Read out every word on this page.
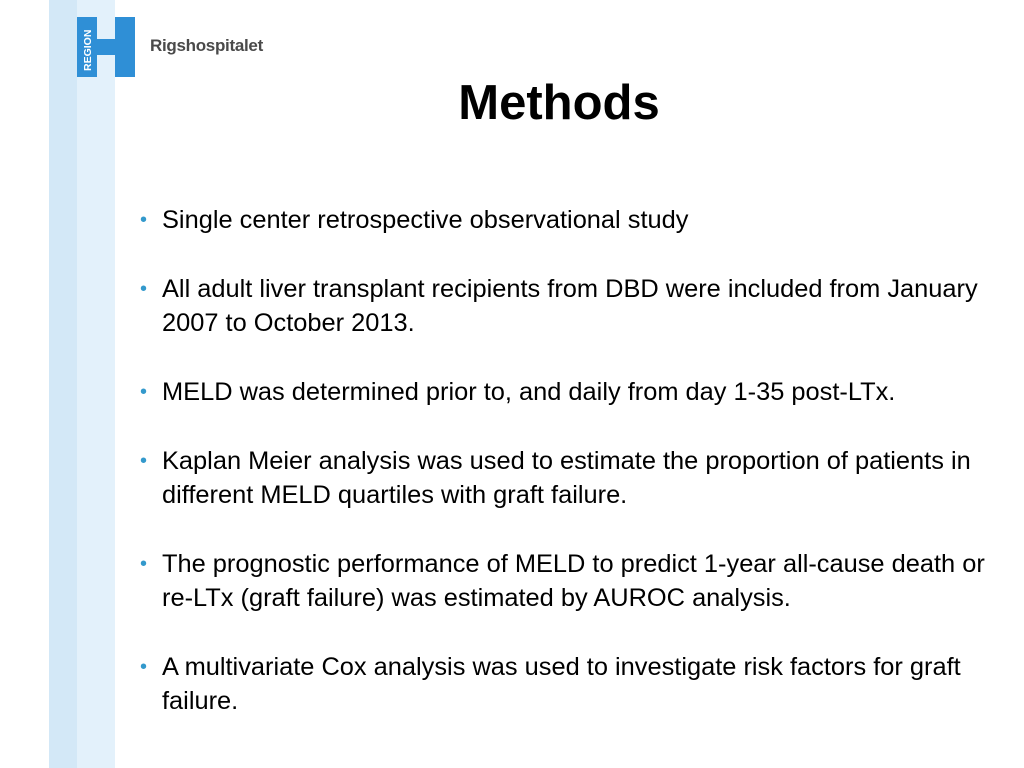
REGION	Rigshospitalet
Methods
• Single center retrospective observational study
• All adult liver transplant recipients from DBD were included from January 2007 to October 2013.
• MELD was determined prior to, and daily from day 1-35 post-LTx.
• Kaplan Meier analysis was used to estimate the proportion of patients in different MELD quartiles with graft failure.
• The prognostic performance of MELD to predict 1-year all-cause death or re-LTx (graft failure) was estimated by AUROC analysis.
• A multivariate Cox analysis was used to investigate risk factors for graft failure.
